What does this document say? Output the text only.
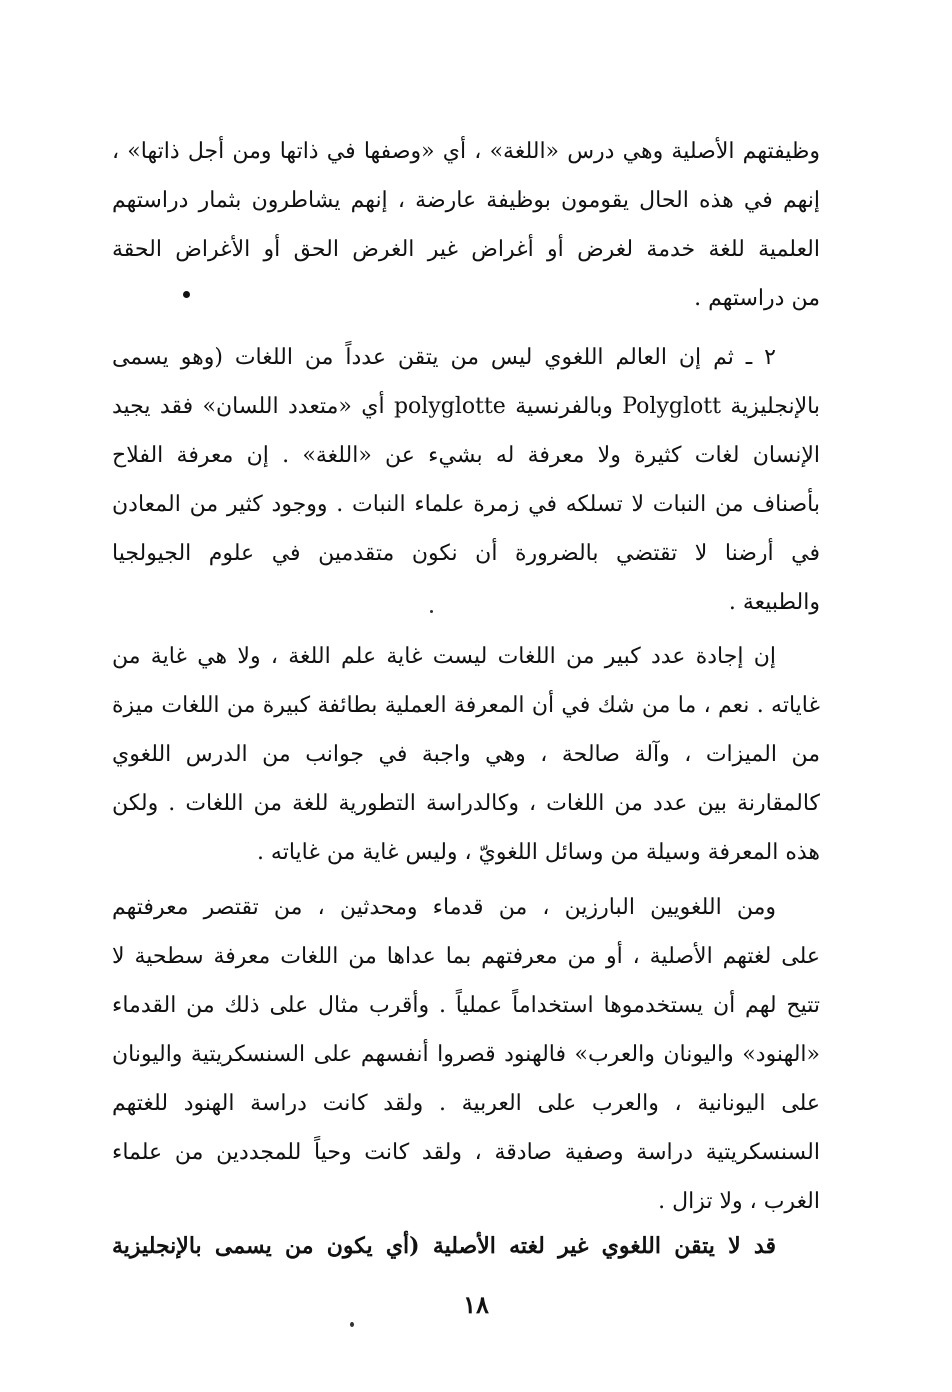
وظيفتهم الأصلية وهي درس «اللغة» ، أي «وصفها في ذاتها ومن أجل ذاتها» ،
إنهم في هذه الحال يقومون بوظيفة عارضة ، إنهم يشاطرون بثمار دراستهم
العلمية للغة خدمة لغرض أو أغراض غير الغرض الحق أو الأغراض الحقة
من دراستهم .
٢ ـ ثم إن العالم اللغوي ليس من يتقن عدداً من اللغات (وهو يسمى
بالإنجليزية Polyglott وبالفرنسية polyglotte أي «متعدد اللسان» فقد يجيد
الإنسان لغات كثيرة ولا معرفة له بشيء عن «اللغة» . إن معرفة الفلاح
بأصناف من النبات لا تسلكه في زمرة علماء النبات . ووجود كثير من المعادن
في أرضنا لا تقتضي بالضرورة أن نكون متقدمين في علوم الجيولجيا
والطبيعة .
إن إجادة عدد كبير من اللغات ليست غاية علم اللغة ، ولا هي غاية من
غاياته . نعم ، ما من شك في أن المعرفة العملية بطائفة كبيرة من اللغات ميزة
من الميزات ، وآلة صالحة ، وهي واجبة في جوانب من الدرس اللغوي
كالمقارنة بين عدد من اللغات ، وكالدراسة التطورية للغة من اللغات . ولكن
هذه المعرفة وسيلة من وسائل اللغويّ ، وليس غاية من غاياته .
ومن اللغويين البارزين ، من قدماء ومحدثين ، من تقتصر معرفتهم
على لغتهم الأصلية ، أو من معرفتهم بما عداها من اللغات معرفة سطحية لا
تتيح لهم أن يستخدموها استخداماً عملياً . وأقرب مثال على ذلك من القدماء
«الهنود» واليونان والعرب» فالهنود قصروا أنفسهم على السنسكريتية واليونان
على اليونانية ، والعرب على العربية . ولقد كانت دراسة الهنود للغتهم
السنسكريتية دراسة وصفية صادقة ، ولقد كانت وحياً للمجددين من علماء
الغرب ، ولا تزال .
قد لا يتقن اللغوي غير لغته الأصلية (أي يكون من يسمى بالإنجليزية
١٨
